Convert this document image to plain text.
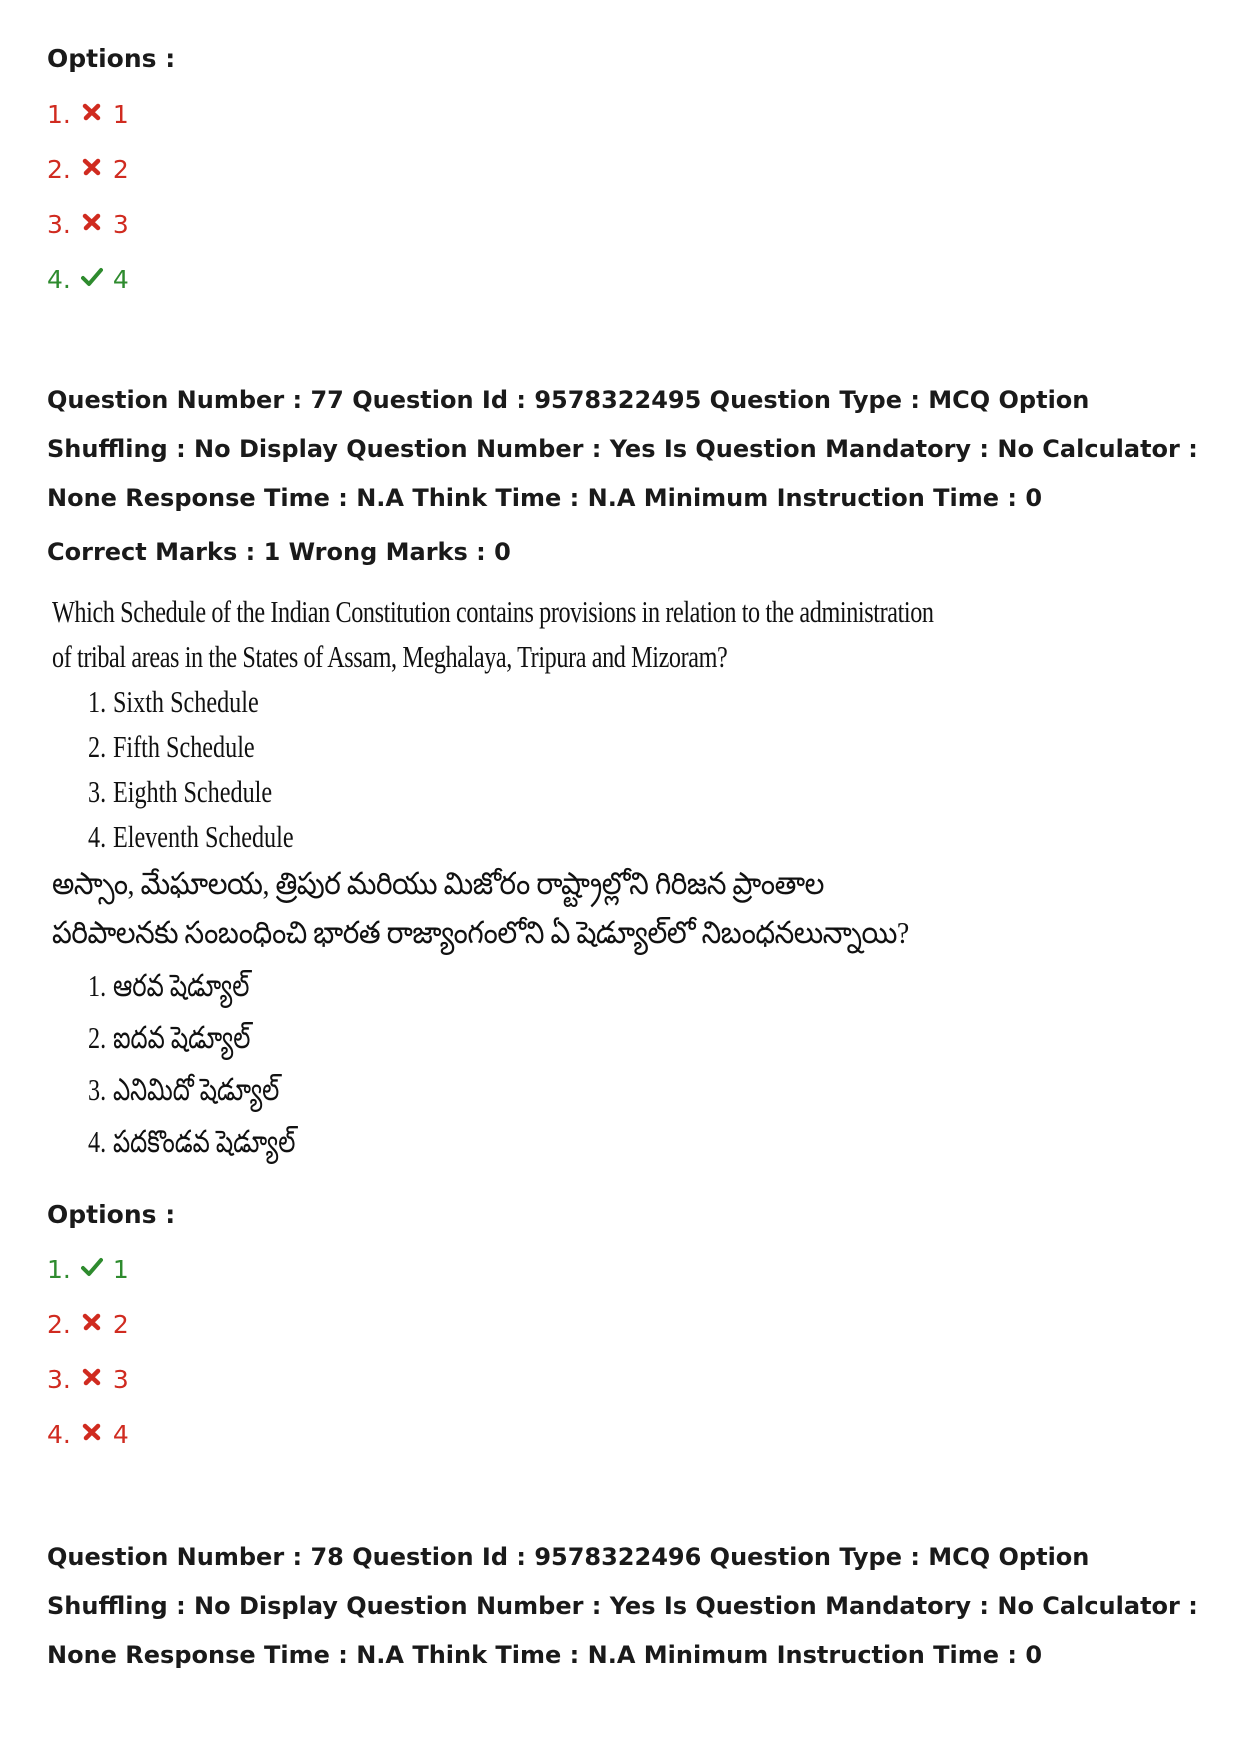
Options :
1. 1
2. 2
3. 3
4. 4
Question Number : 77 Question Id : 9578322495 Question Type : MCQ Option Shuffling : No Display Question Number : Yes Is Question Mandatory : No Calculator : None Response Time : N.A Think Time : N.A Minimum Instruction Time : 0
Correct Marks : 1 Wrong Marks : 0
Which Schedule of the Indian Constitution contains provisions in relation to the administration
of tribal areas in the States of Assam, Meghalaya, Tripura and Mizoram?
1. Sixth Schedule
2. Fifth Schedule
3. Eighth Schedule
4. Eleventh Schedule
అస్సాం, మేఘాలయ, త్రిపుర మరియు మిజోరం రాష్ట్రాల్లోని గిరిజన ప్రాంతాల
పరిపాలనకు సంబంధించి భారత రాజ్యాంగంలోని ఏ షెడ్యూల్‌లో నిబంధనలున్నాయి?
1. ఆరవ షెడ్యూల్
2. ఐదవ షెడ్యూల్
3. ఎనిమిదో షెడ్యూల్
4. పదకొండవ షెడ్యూల్
Options :
1. 1
2. 2
3. 3
4. 4
Question Number : 78 Question Id : 9578322496 Question Type : MCQ Option Shuffling : No Display Question Number : Yes Is Question Mandatory : No Calculator : None Response Time : N.A Think Time : N.A Minimum Instruction Time : 0
